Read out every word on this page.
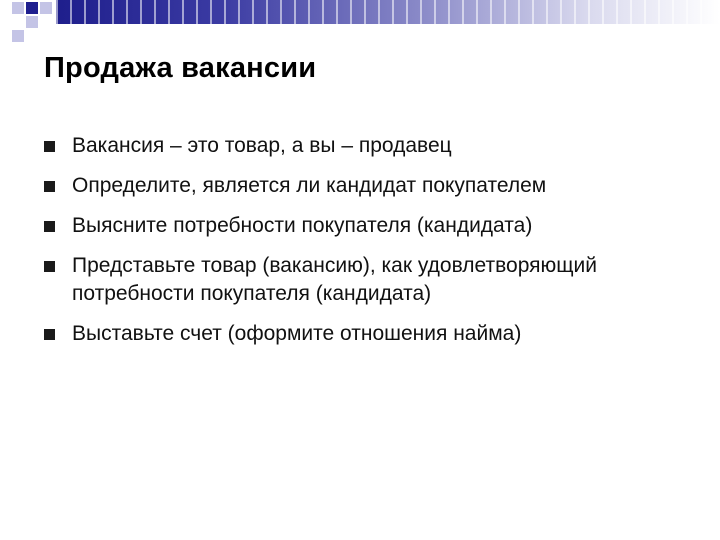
Продажа вакансии
Вакансия – это товар, а вы – продавец
Определите, является ли кандидат покупателем
Выясните потребности покупателя (кандидата)
Представьте товар (вакансию), как удовлетворяющий потребности покупателя (кандидата)
Выставьте счет (оформите отношения найма)
